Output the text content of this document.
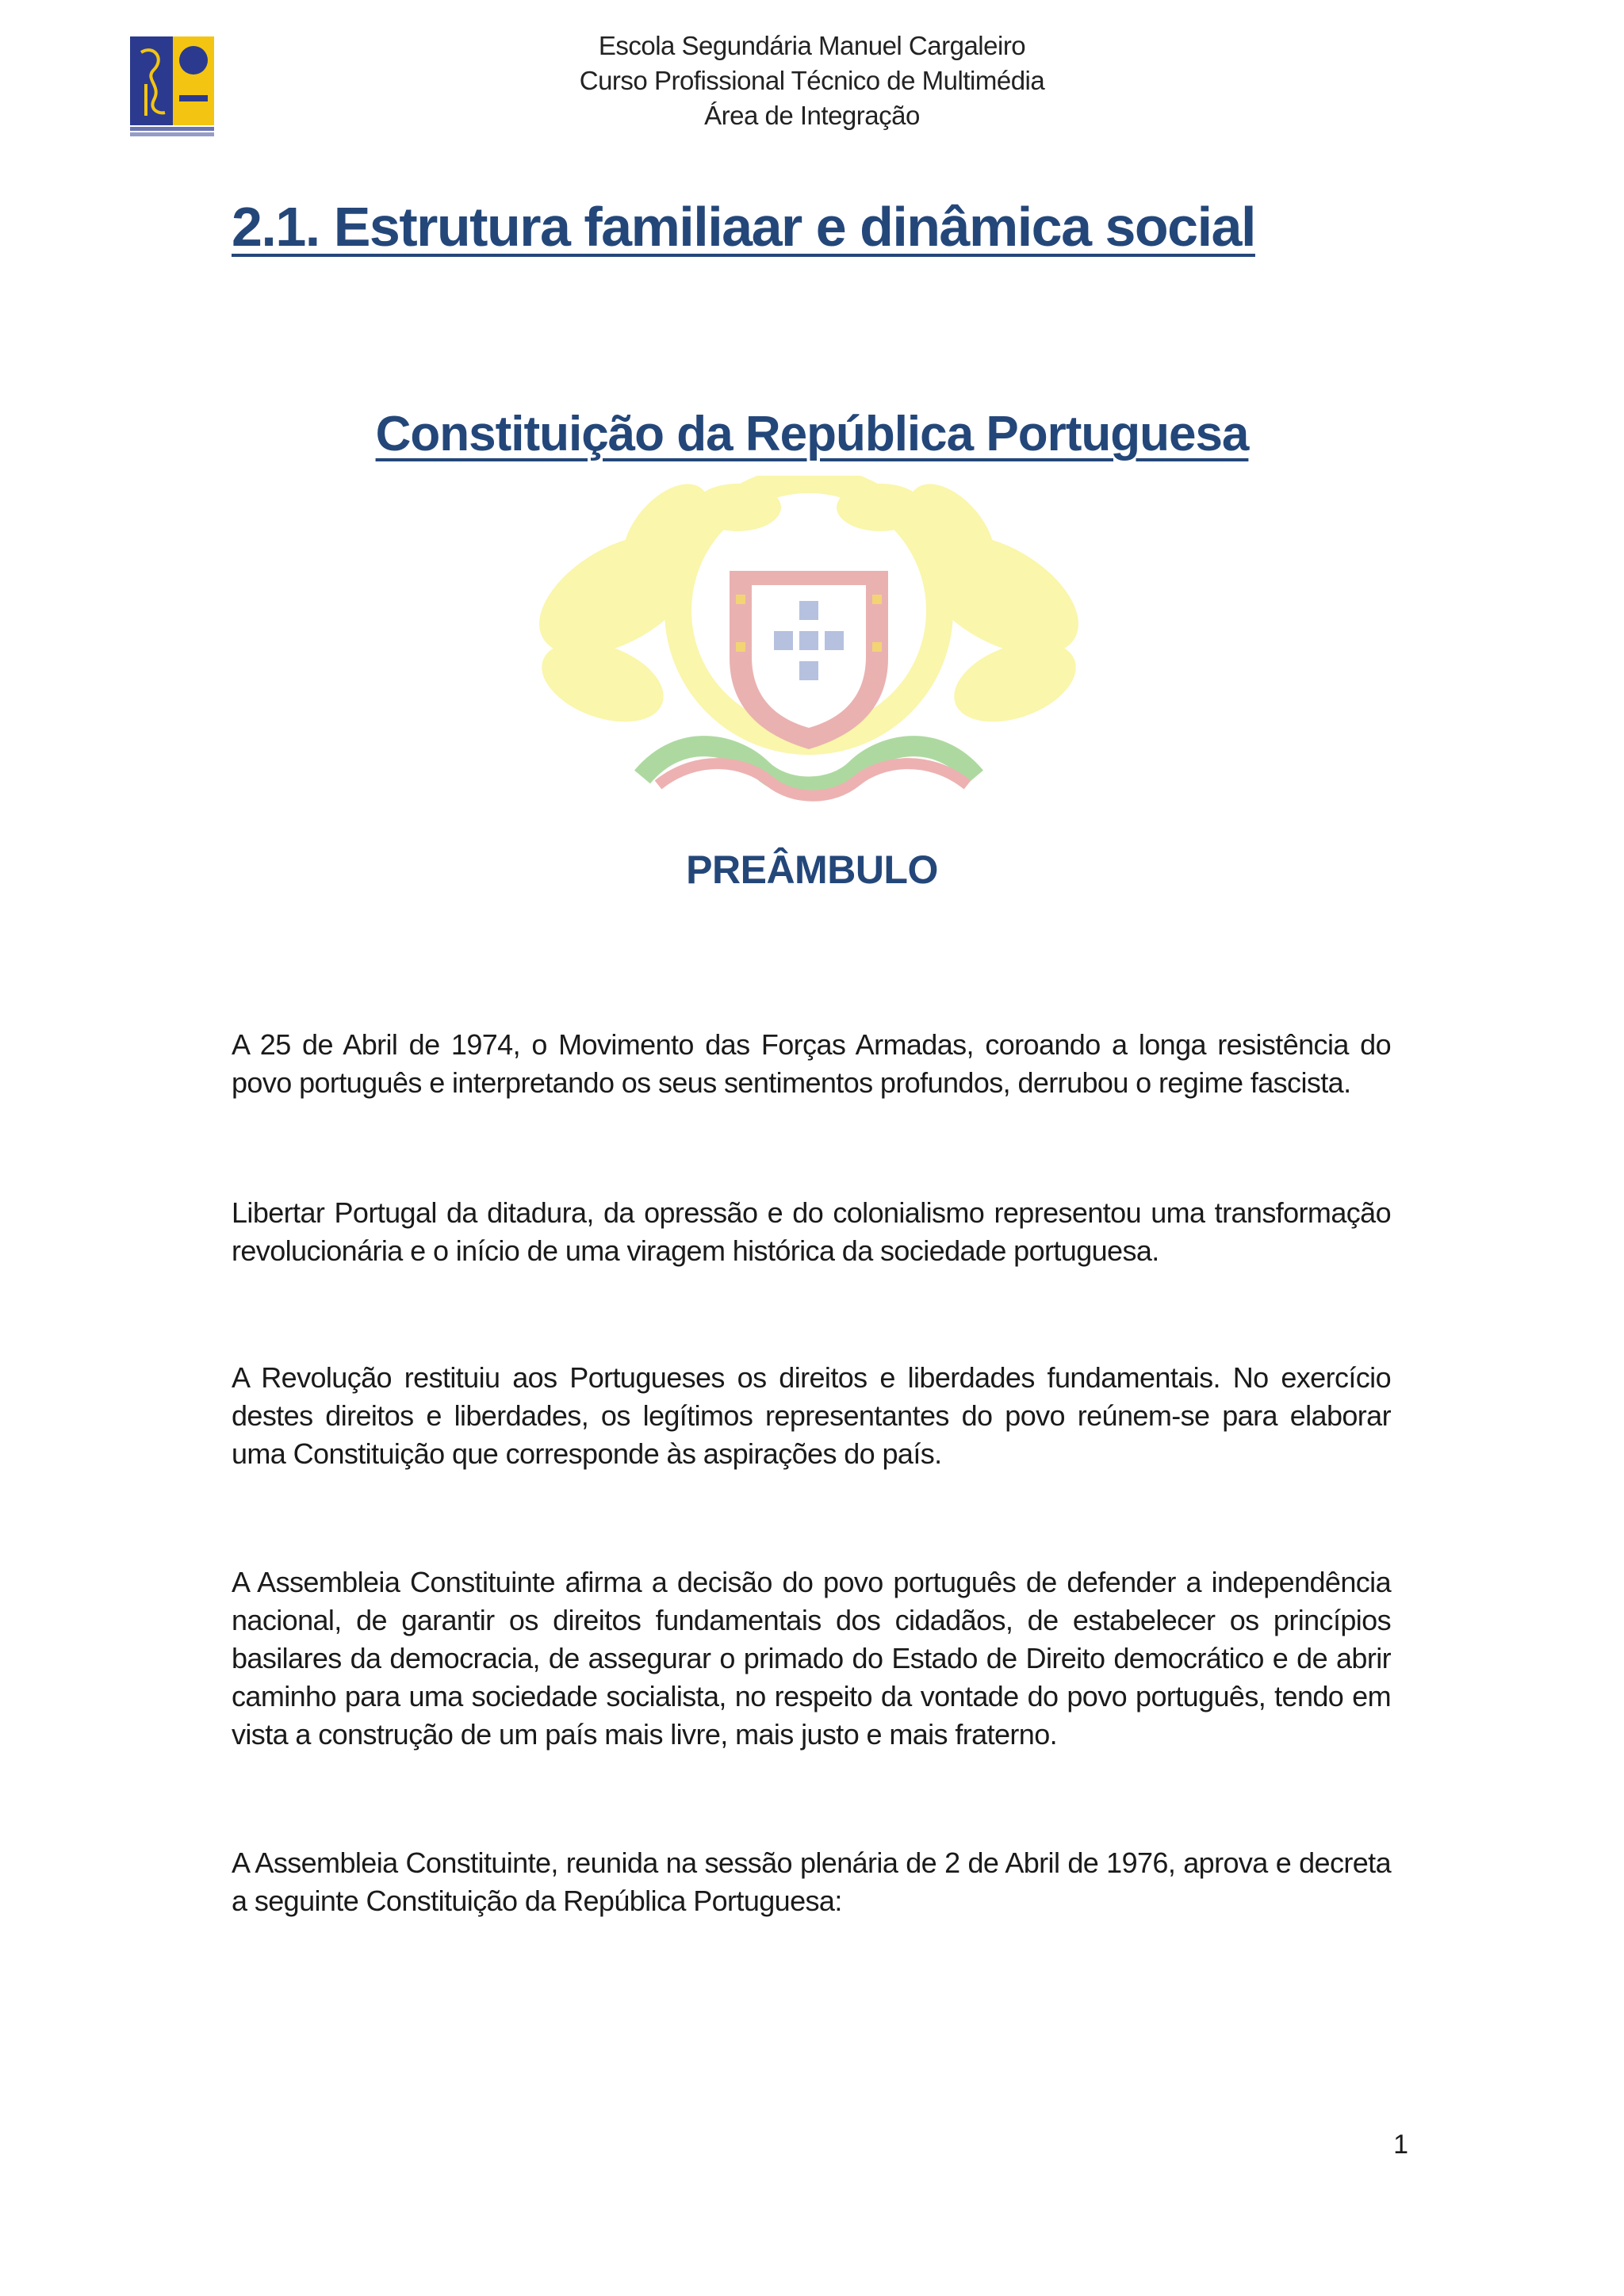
Escola Segundária Manuel Cargaleiro
Curso Profissional Técnico de Multimédia
Área de Integração
2.1. Estrutura familiaar e dinâmica social
Constituição da República Portuguesa
PREÂMBULO

A 25 de Abril de 1974, o Movimento das Forças Armadas, coroando a longa resistência do povo português e interpretando os seus sentimentos profundos, derrubou o regime fascista.

Libertar Portugal da ditadura, da opressão e do colonialismo representou uma transformação revolucionária e o início de uma viragem histórica da sociedade portuguesa.

A Revolução restituiu aos Portugueses os direitos e liberdades fundamentais. No exercício destes direitos e liberdades, os legítimos representantes do povo reúnem-se para elaborar uma Constituição que corresponde às aspirações do país.

A Assembleia Constituinte afirma a decisão do povo português de defender a independência nacional, de garantir os direitos fundamentais dos cidadãos, de estabelecer os princípios basilares da democracia, de assegurar o primado do Estado de Direito democrático e de abrir caminho para uma sociedade socialista, no respeito da vontade do povo português, tendo em vista a construção de um país mais livre, mais justo e mais fraterno.

A Assembleia Constituinte, reunida na sessão plenária de 2 de Abril de 1976, aprova e decreta a seguinte Constituição da República Portuguesa:

1
